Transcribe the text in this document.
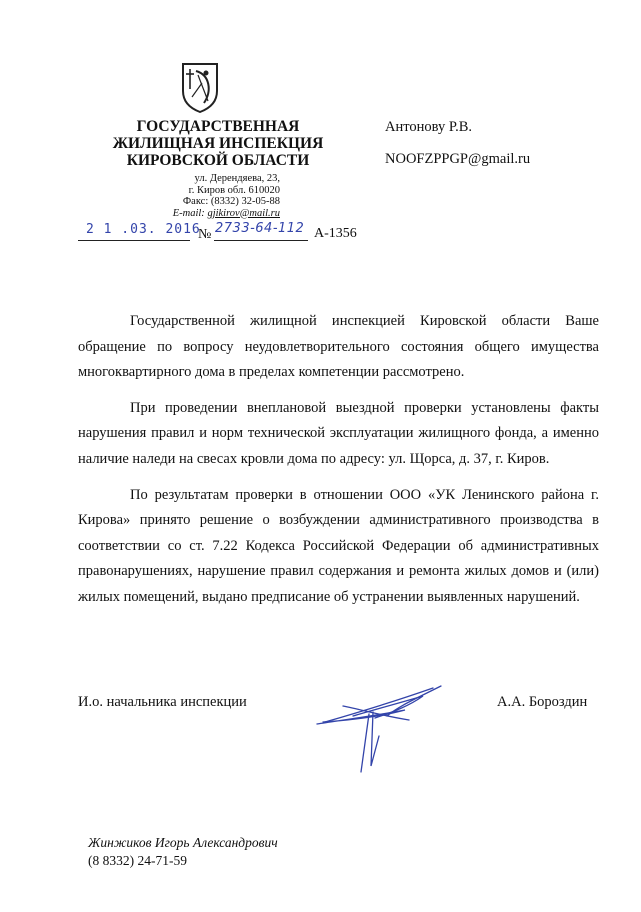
ГОСУДАРСТВЕННАЯ
ЖИЛИЩНАЯ ИНСПЕКЦИЯ
КИРОВСКОЙ ОБЛАСТИ
ул. Дерендяева, 23,
г. Киров обл. 610020
Факс: (8332) 32-05-88
E-mail: gjikirov@mail.ru
2 1 .03. 2016
№ 2733-64-112 А-1356
Антонову Р.В.
NOOFZPPGP@gmail.ru

Государственной жилищной инспекцией Кировской области Ваше обращение по вопросу неудовлетворительного состояния общего имущества многоквартирного дома в пределах компетенции рассмотрено.

При проведении внеплановой выездной проверки установлены факты нарушения правил и норм технической эксплуатации жилищного фонда, а именно наличие наледи на свесах кровли дома по адресу: ул. Щорса, д. 37, г. Киров.

По результатам проверки в отношении ООО «УК Ленинского района г. Кирова» принято решение о возбуждении административного производства в соответствии со ст. 7.22 Кодекса Российской Федерации об административных правонарушениях, нарушение правил содержания и ремонта жилых домов и (или) жилых помещений, выдано предписание об устранении выявленных нарушений.

И.о. начальника инспекции	А.А. Бороздин
Жинжиков Игорь Александрович
(8 8332) 24-71-59
